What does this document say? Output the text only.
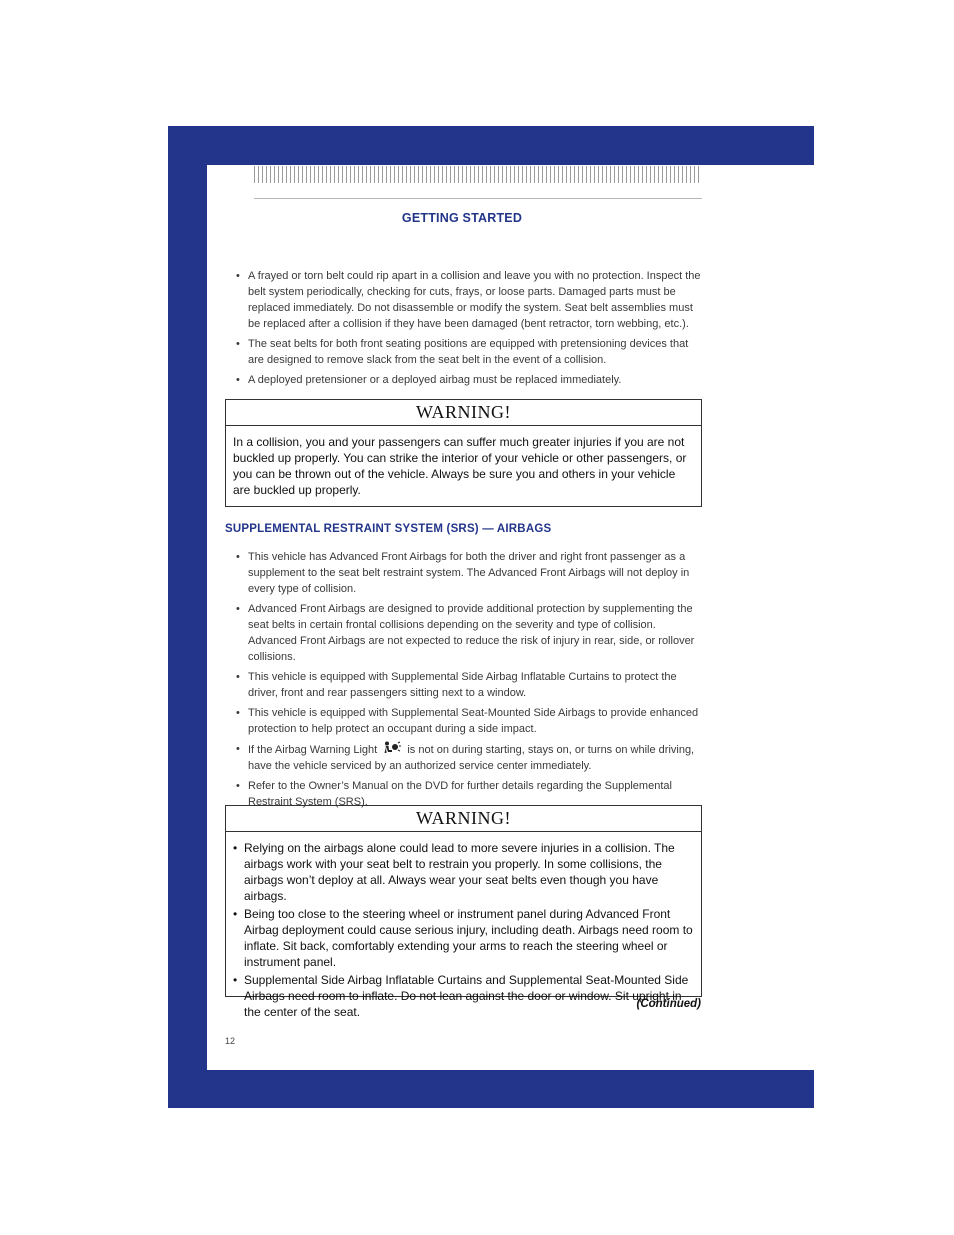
GETTING STARTED
• A frayed or torn belt could rip apart in a collision and leave you with no protection. Inspect the belt system periodically, checking for cuts, frays, or loose parts. Damaged parts must be replaced immediately. Do not disassemble or modify the system. Seat belt assemblies must be replaced after a collision if they have been damaged (bent retractor, torn webbing, etc.).
• The seat belts for both front seating positions are equipped with pretensioning devices that are designed to remove slack from the seat belt in the event of a collision.
• A deployed pretensioner or a deployed airbag must be replaced immediately.
WARNING!
In a collision, you and your passengers can suffer much greater injuries if you are not buckled up properly. You can strike the interior of your vehicle or other passengers, or you can be thrown out of the vehicle. Always be sure you and others in your vehicle are buckled up properly.
SUPPLEMENTAL RESTRAINT SYSTEM (SRS) — AIRBAGS
• This vehicle has Advanced Front Airbags for both the driver and right front passenger as a supplement to the seat belt restraint system. The Advanced Front Airbags will not deploy in every type of collision.
• Advanced Front Airbags are designed to provide additional protection by supplementing the seat belts in certain frontal collisions depending on the severity and type of collision. Advanced Front Airbags are not expected to reduce the risk of injury in rear, side, or rollover collisions.
• This vehicle is equipped with Supplemental Side Airbag Inflatable Curtains to protect the driver, front and rear passengers sitting next to a window.
• This vehicle is equipped with Supplemental Seat-Mounted Side Airbags to provide enhanced protection to help protect an occupant during a side impact.
• If the Airbag Warning Light	is not on during starting, stays on, or turns on while driving, have the vehicle serviced by an authorized service center immediately.
• Refer to the Owner’s Manual on the DVD for further details regarding the Supplemental Restraint System (SRS).
WARNING!
• Relying on the airbags alone could lead to more severe injuries in a collision. The airbags work with your seat belt to restrain you properly. In some collisions, the airbags won’t deploy at all. Always wear your seat belts even though you have airbags.
• Being too close to the steering wheel or instrument panel during Advanced Front Airbag deployment could cause serious injury, including death. Airbags need room to inflate. Sit back, comfortably extending your arms to reach the steering wheel or instrument panel.
• Supplemental Side Airbag Inflatable Curtains and Supplemental Seat-Mounted Side Airbags need room to inflate. Do not lean against the door or window. Sit upright in the center of the seat.
(Continued)
12
